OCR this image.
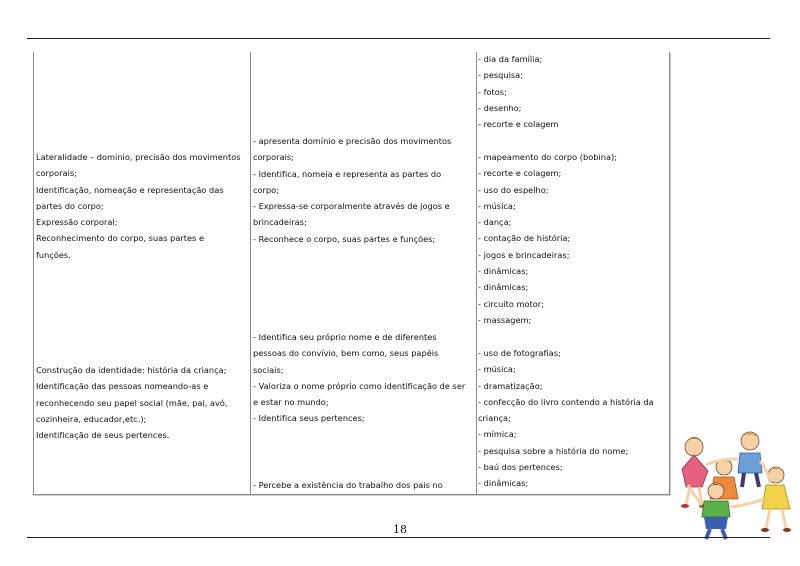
Lateralidade – domínio, precisão dos movimentos
corporais;
Identificação, nomeação e representação das
partes do corpo;
Expressão corporal;
Reconhecimento do corpo, suas partes e
funções.
Construção da identidade: história da criança;
Identificação das pessoas nomeando-as e
reconhecendo seu papel social (mãe, pai, avó,
cozinheira, educador,etc.);
Identificação de seus pertences.
- apresenta domínio e precisão dos movimentos
corporais;
- Identifica, nomeia e representa as partes do
corpo;
- Expressa-se corporalmente através de jogos e
brincadeiras;
- Reconhece o corpo, suas partes e funções;
- Identifica seu próprio nome e de diferentes
pessoas do convívio, bem como, seus papéis
sociais;
- Valoriza o nome próprio como identificação de ser
e estar no mundo;
- Identifica seus pertences;
- Percebe a existência do trabalho dos pais no
- dia da família;
- pesquisa;
- fotos;
- desenho;
- recorte e colagem
- mapeamento do corpo (bobina);
- recorte e colagem;
- uso do espelho;
- música;
- dança;
- contação de história;
- jogos e brincadeiras;
- dinâmicas;
- dinâmicas;
- circuito motor;
- massagem;
- uso de fotografias;
- música;
- dramatização;
- confecção do livro contendo a história da
criança;
- mímica;
- pesquisa sobre a história do nome;
- baú dos pertences;
- dinâmicas;
18
